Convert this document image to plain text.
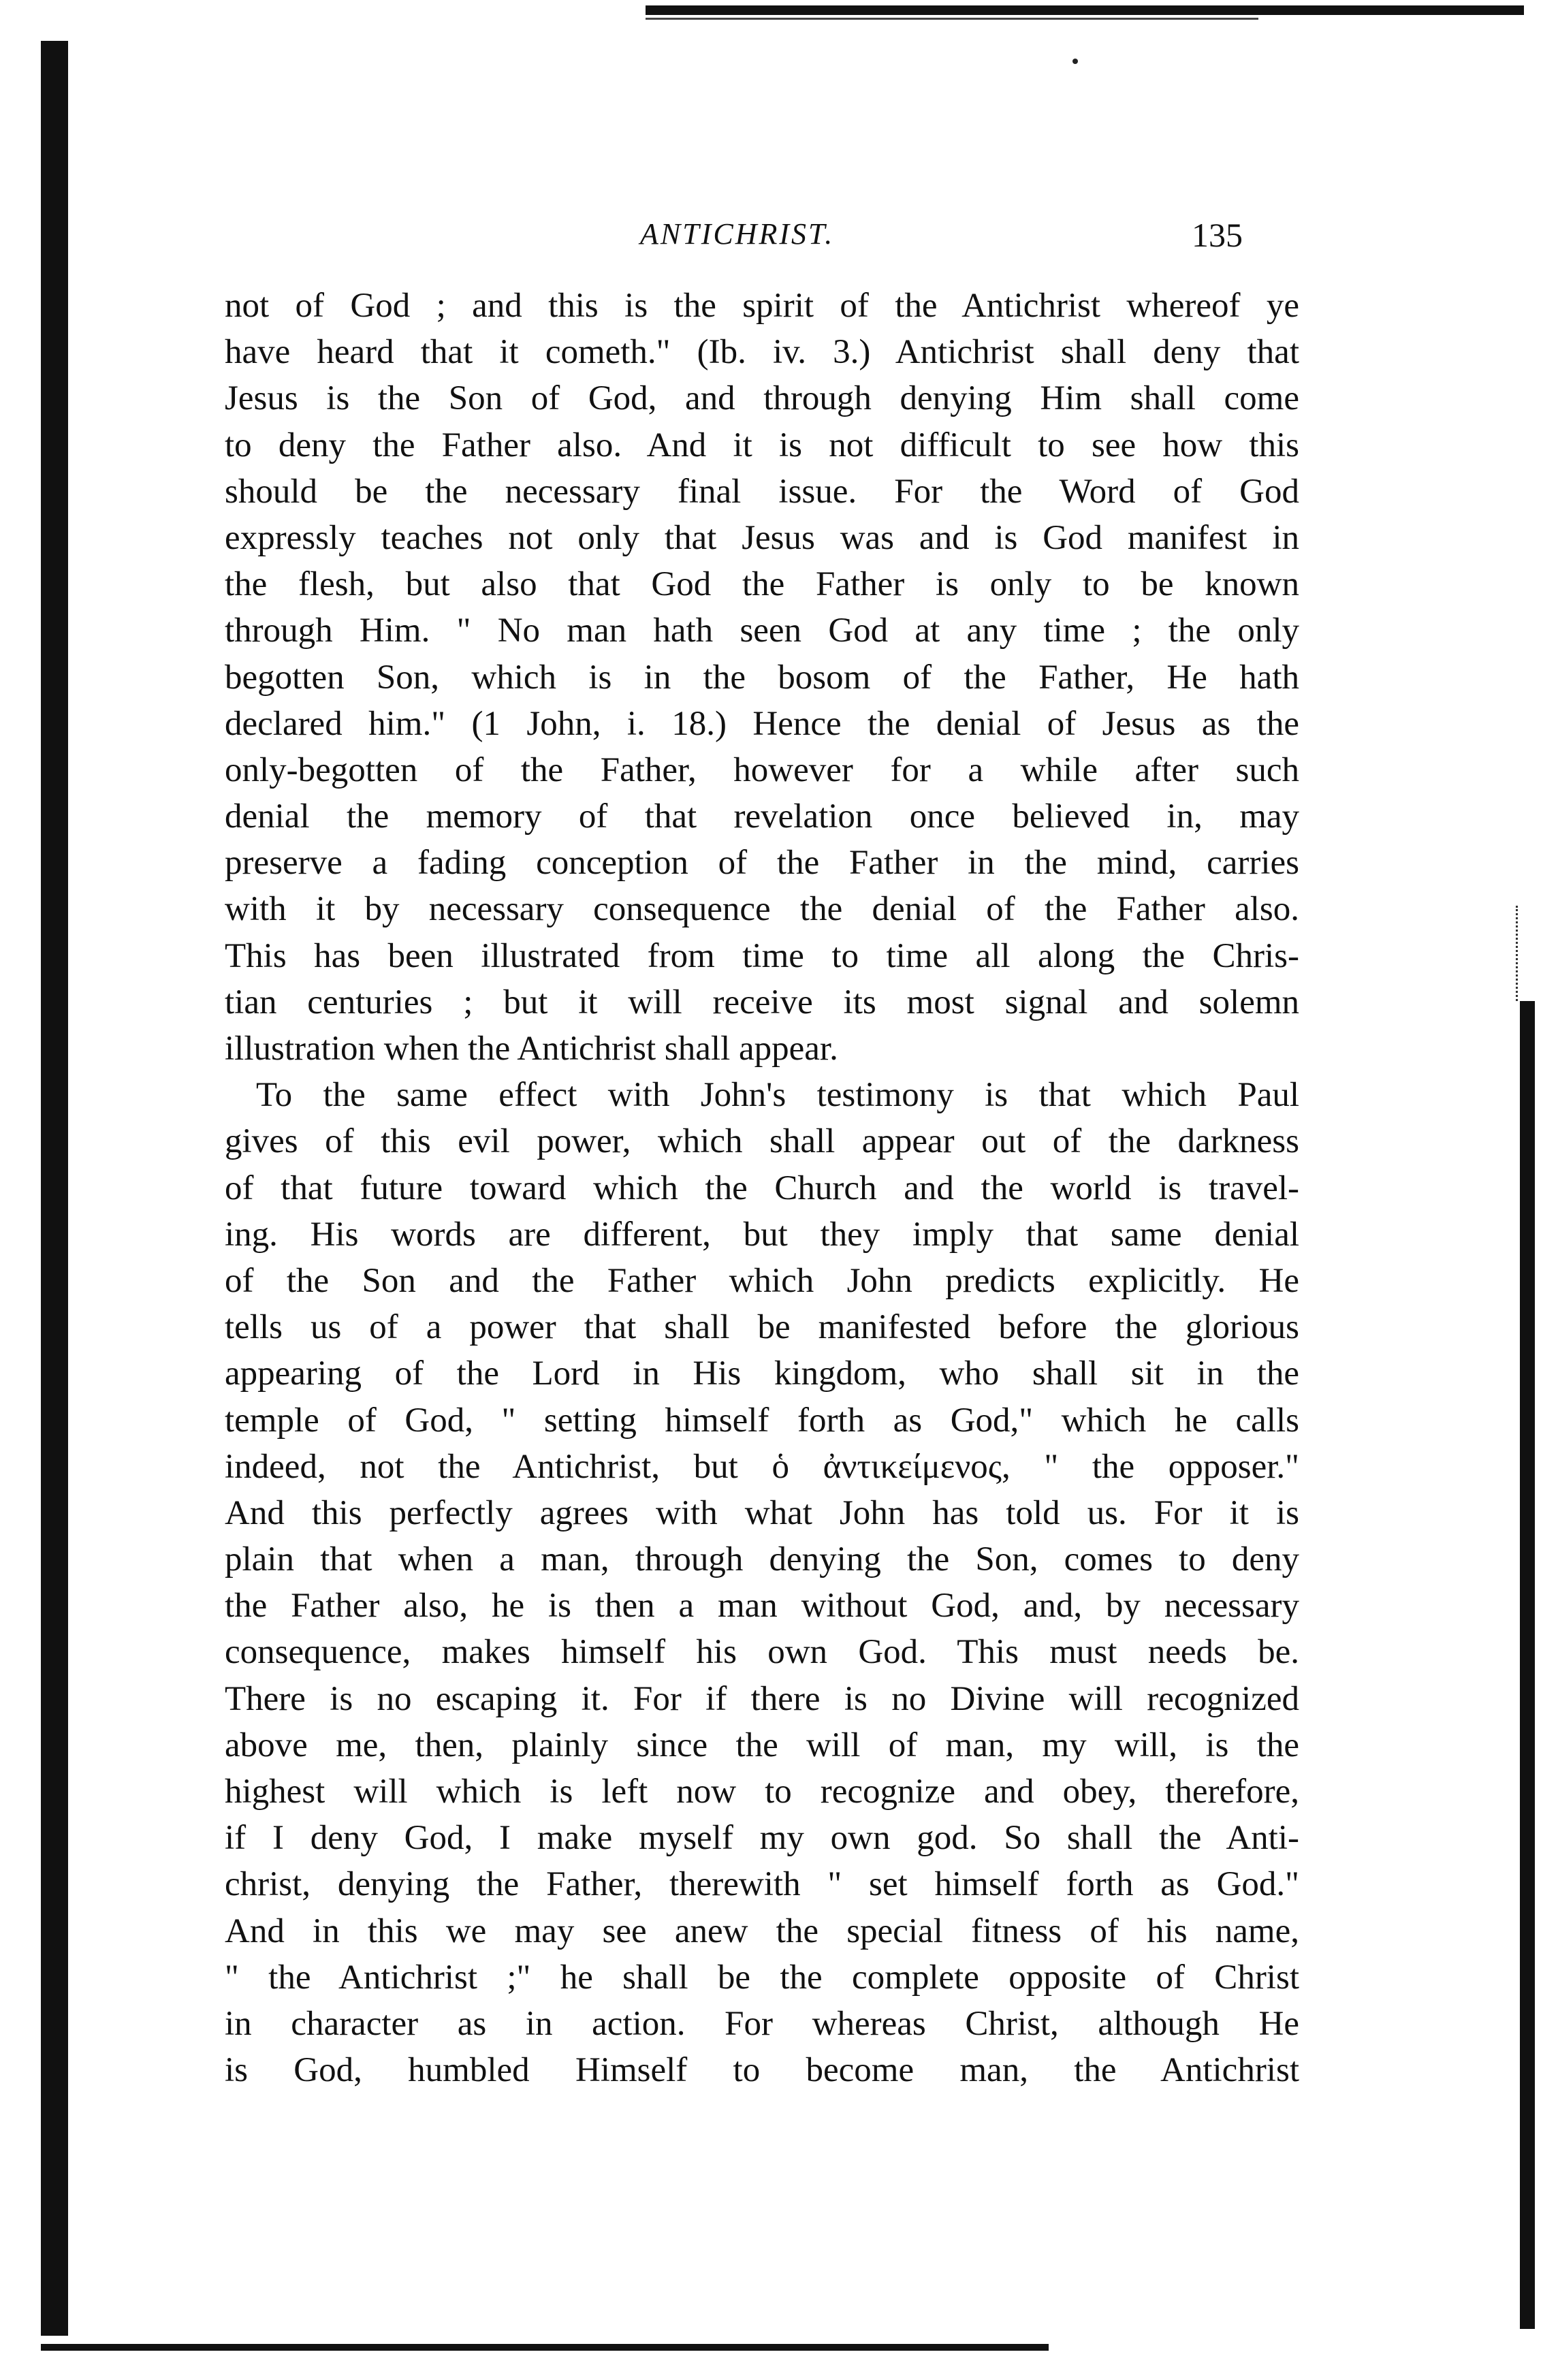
ANTICHRIST.	135
not of God ; and this is the spirit of the Antichrist whereof ye
have heard that it cometh." (Ib. iv. 3.) Antichrist shall deny that
Jesus is the Son of God, and through denying Him shall come
to deny the Father also. And it is not difficult to see how this
should be the necessary final issue. For the Word of God
expressly teaches not only that Jesus was and is God manifest in
the flesh, but also that God the Father is only to be known
through Him. " No man hath seen God at any time ; the only
begotten Son, which is in the bosom of the Father, He hath
declared him." (1 John, i. 18.) Hence the denial of Jesus as the
only-begotten of the Father, however for a while after such
denial the memory of that revelation once believed in, may
preserve a fading conception of the Father in the mind, carries
with it by necessary consequence the denial of the Father also.
This has been illustrated from time to time all along the Chris-
tian centuries ; but it will receive its most signal and solemn
illustration when the Antichrist shall appear.
To the same effect with John's testimony is that which Paul
gives of this evil power, which shall appear out of the darkness
of that future toward which the Church and the world is travel-
ing. His words are different, but they imply that same denial
of the Son and the Father which John predicts explicitly. He
tells us of a power that shall be manifested before the glorious
appearing of the Lord in His kingdom, who shall sit in the
temple of God, " setting himself forth as God," which he calls
indeed, not the Antichrist, but ὁ ἀντικείμενος, " the opposer."
And this perfectly agrees with what John has told us. For it is
plain that when a man, through denying the Son, comes to deny
the Father also, he is then a man without God, and, by necessary
consequence, makes himself his own God. This must needs be.
There is no escaping it. For if there is no Divine will recognized
above me, then, plainly since the will of man, my will, is the
highest will which is left now to recognize and obey, therefore,
if I deny God, I make myself my own god. So shall the Anti-
christ, denying the Father, therewith " set himself forth as God."
And in this we may see anew the special fitness of his name,
" the Antichrist ;" he shall be the complete opposite of Christ
in character as in action. For whereas Christ, although He
is God, humbled Himself to become man, the Antichrist
